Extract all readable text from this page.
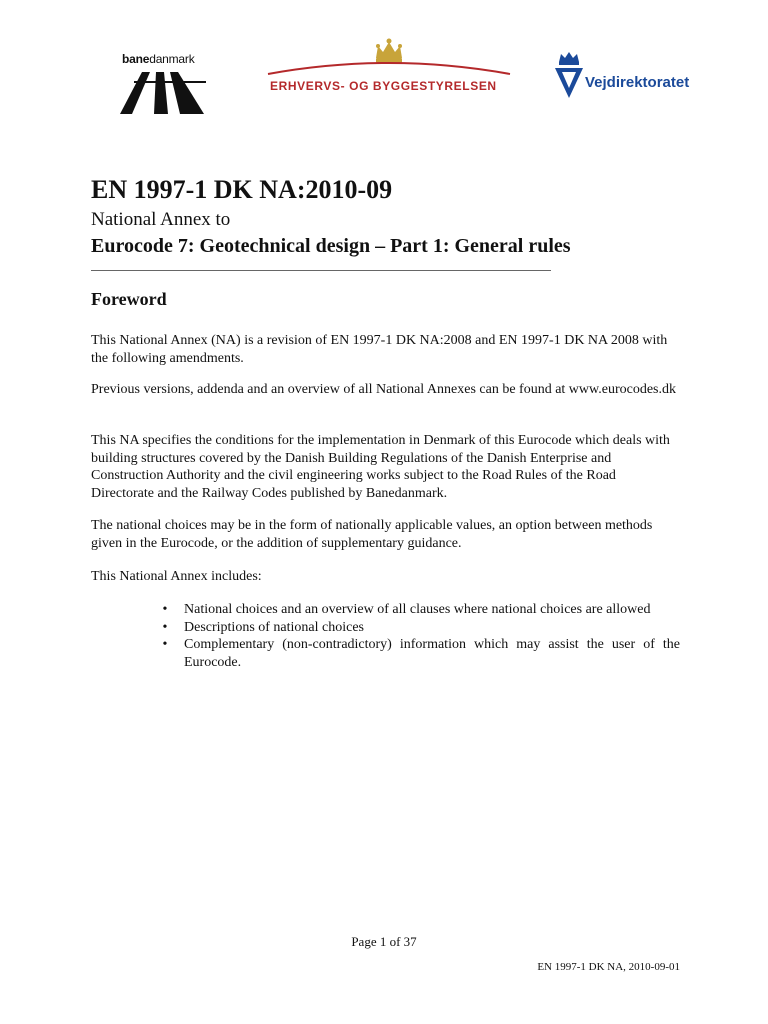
banedanmark
ERHVERVS- OG BYGGESTYRELSEN	Vejdirektoratet
EN 1997-1 DK NA:2010-09
National Annex to
Eurocode 7: Geotechnical design – Part 1: General rules
Foreword

This National Annex (NA) is a revision of EN 1997-1 DK NA:2008 and EN 1997-1 DK NA 2008 with the following amendments.

Previous versions, addenda and an overview of all National Annexes can be found at www.eurocodes.dk

This NA specifies the conditions for the implementation in Denmark of this Eurocode which deals with building structures covered by the Danish Building Regulations of the Danish Enterprise and Construction Authority and the civil engineering works subject to the Road Rules of the Road Directorate and the Railway Codes published by Banedanmark.

The national choices may be in the form of nationally applicable values, an option between methods given in the Eurocode, or the addition of supplementary guidance.

This National Annex includes:

• National choices and an overview of all clauses where national choices are allowed
• Descriptions of national choices
• Complementary (non-contradictory) information which may assist the user of the Eurocode.
Page 1 of 37
EN 1997-1 DK NA, 2010-09-01
